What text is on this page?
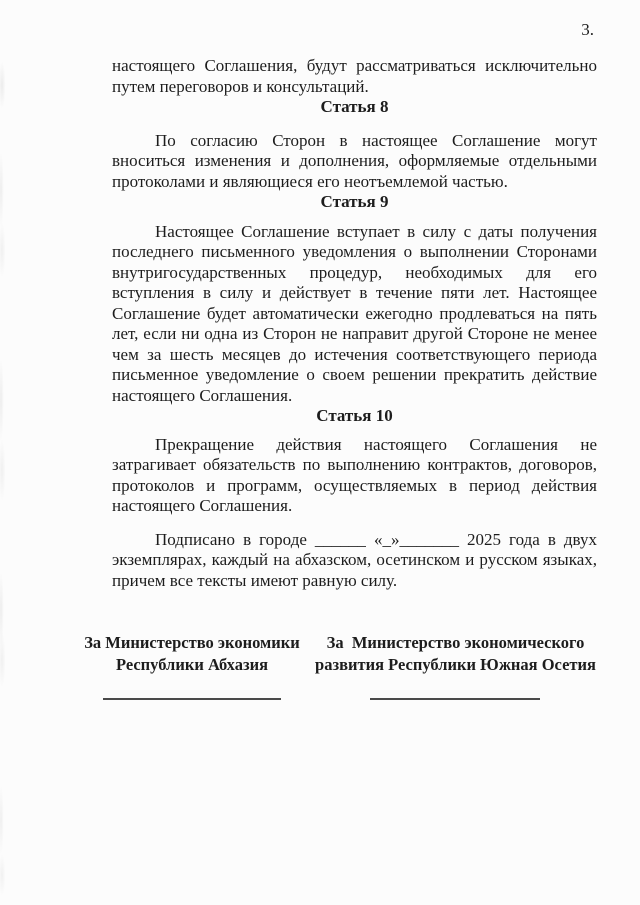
3.

настоящего Соглашения, будут рассматриваться исключительно путем переговоров и консультаций.

Статья 8

По согласию Сторон в настоящее Соглашение могут вноситься изменения и дополнения, оформляемые отдельными протоколами и являющиеся его неотъемлемой частью.

Статья 9

Настоящее Соглашение вступает в силу с даты получения последнего письменного уведомления о выполнении Сторонами внутригосударственных процедур, необходимых для его вступления в силу и действует в течение пяти лет. Настоящее Соглашение будет автоматически ежегодно продлеваться на пять лет, если ни одна из Сторон не направит другой Стороне не менее чем за шесть месяцев до истечения соответствующего периода письменное уведомление о своем решении прекратить действие настоящего Соглашения.

Статья 10

Прекращение действия настоящего Соглашения не затрагивает обязательств по выполнению контрактов, договоров, протоколов и программ, осуществляемых в период действия настоящего Соглашения.

Подписано в городе ______ «_»_______ 2025 года в двух экземплярах, каждый на абхазском, осетинском и русском языках, причем все тексты имеют равную силу.

За Министерство экономики
Республики Абхазия
За  Министерство экономического
развития Республики Южная Осетия
